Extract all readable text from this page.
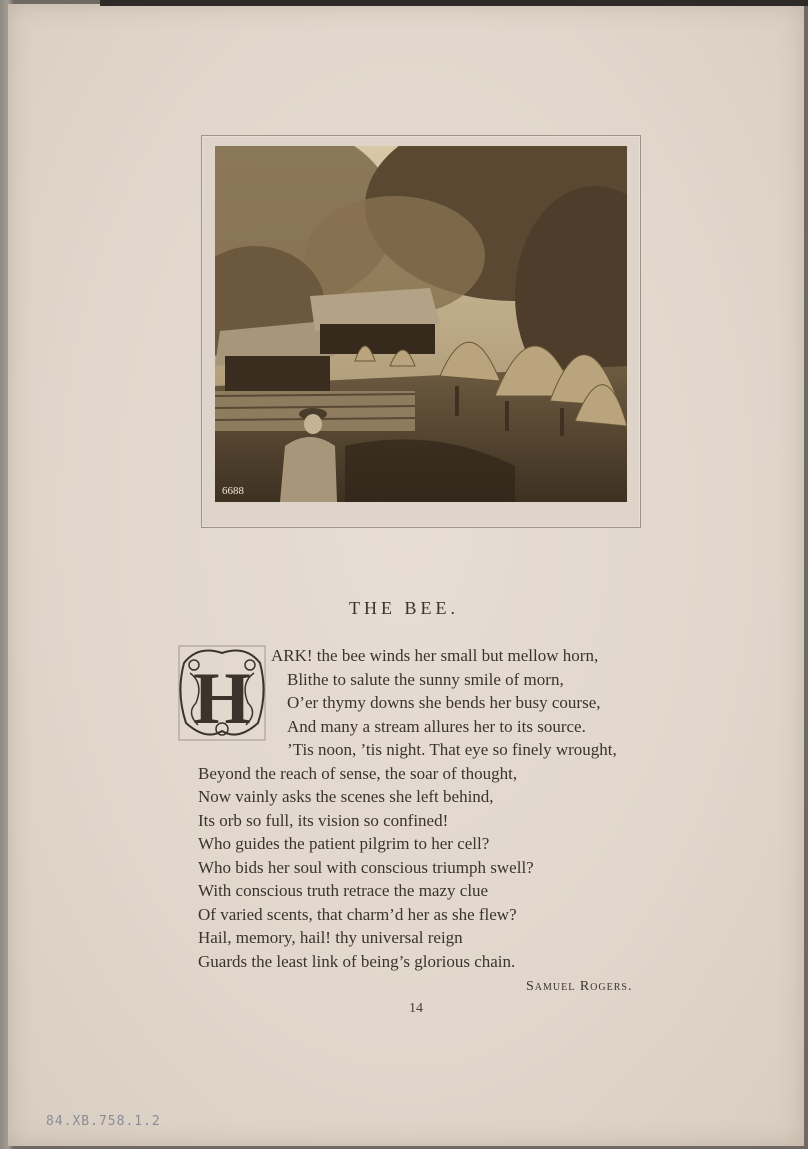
6688
THE BEE.
H
ARK! the bee winds her small but mellow horn,
Blithe to salute the sunny smile of morn,
O’er thymy downs she bends her busy course,
And many a stream allures her to its source.
’Tis noon, ’tis night. That eye so finely wrought,
Beyond the reach of sense, the soar of thought,
Now vainly asks the scenes she left behind,
Its orb so full, its vision so confined!
Who guides the patient pilgrim to her cell?
Who bids her soul with conscious triumph swell?
With conscious truth retrace the mazy clue
Of varied scents, that charm’d her as she flew?
Hail, memory, hail! thy universal reign
Guards the least link of being’s glorious chain.
Samuel Rogers.
14
84.XB.758.1.2
